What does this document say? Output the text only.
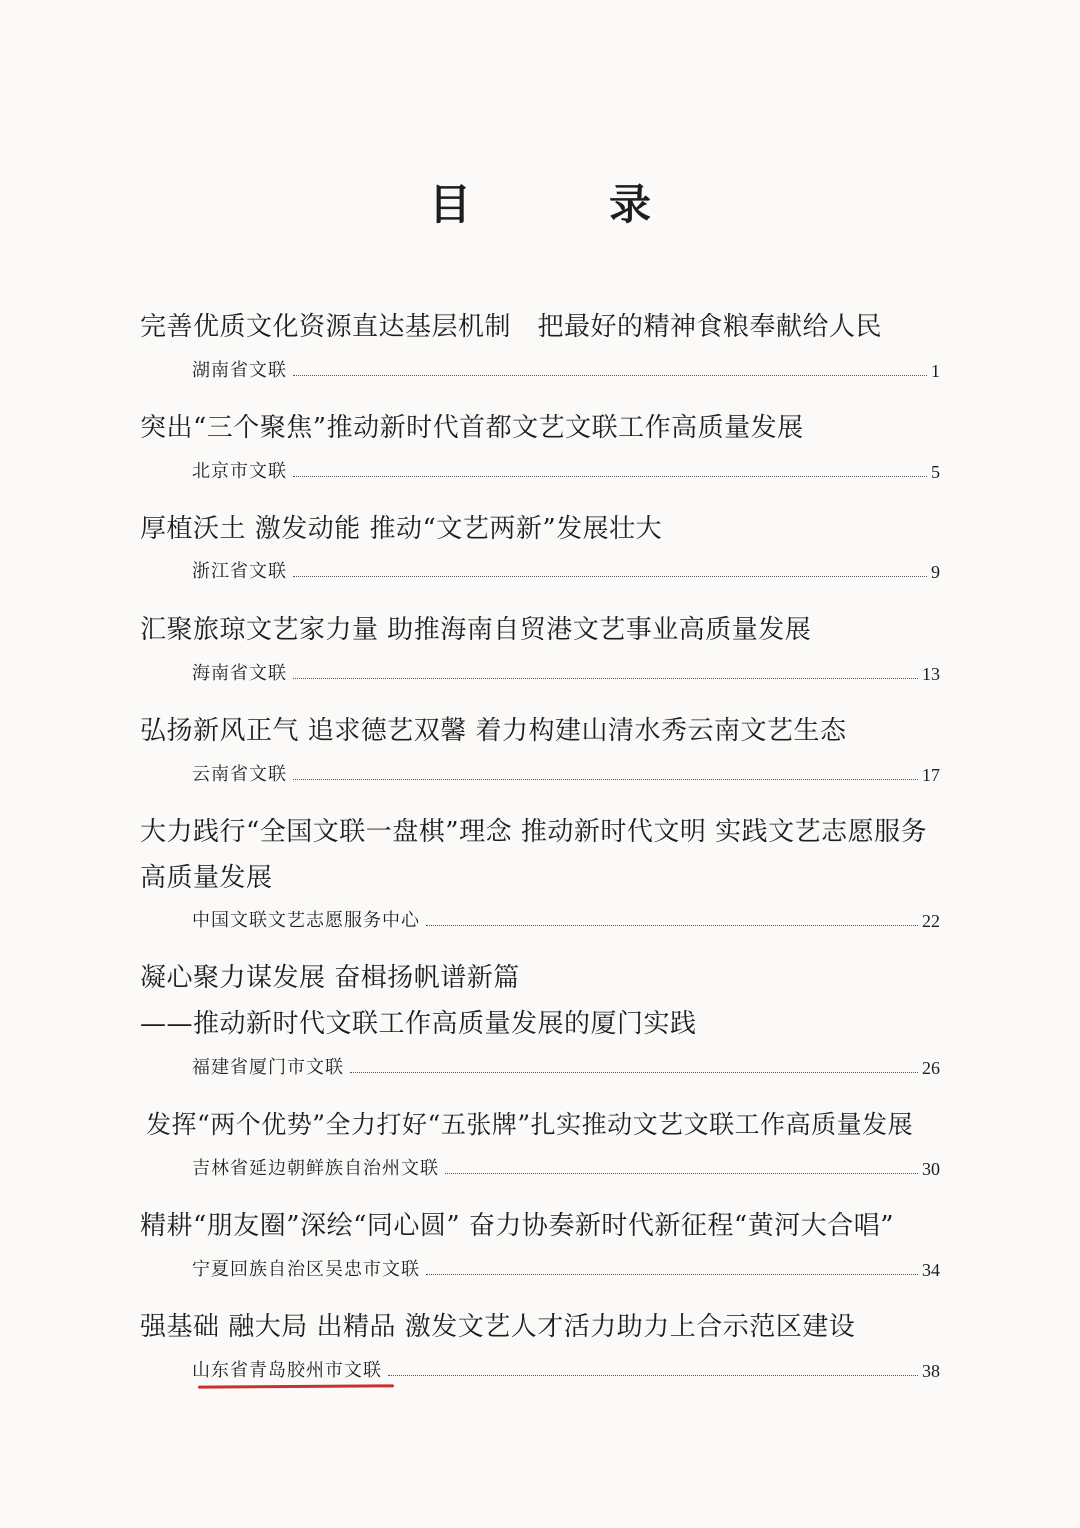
目　录
完善优质文化资源直达基层机制　把最好的精神食粮奉献给人民
湖南省文联	1
突出“三个聚焦”推动新时代首都文艺文联工作高质量发展
北京市文联	5
厚植沃土 激发动能 推动“文艺两新”发展壮大
浙江省文联	9
汇聚旅琼文艺家力量 助推海南自贸港文艺事业高质量发展
海南省文联	13
弘扬新风正气 追求德艺双馨 着力构建山清水秀云南文艺生态
云南省文联	17
大力践行“全国文联一盘棋”理念 推动新时代文明 实践文艺志愿服务
高质量发展
中国文联文艺志愿服务中心	22
凝心聚力谋发展 奋楫扬帆谱新篇
——推动新时代文联工作高质量发展的厦门实践
福建省厦门市文联	26
发挥“两个优势”全力打好“五张牌”扎实推动文艺文联工作高质量发展
吉林省延边朝鲜族自治州文联	30
精耕“朋友圈”深绘“同心圆” 奋力协奏新时代新征程“黄河大合唱”
宁夏回族自治区吴忠市文联	34
强基础 融大局 出精品 激发文艺人才活力助力上合示范区建设
山东省青岛胶州市文联	38
